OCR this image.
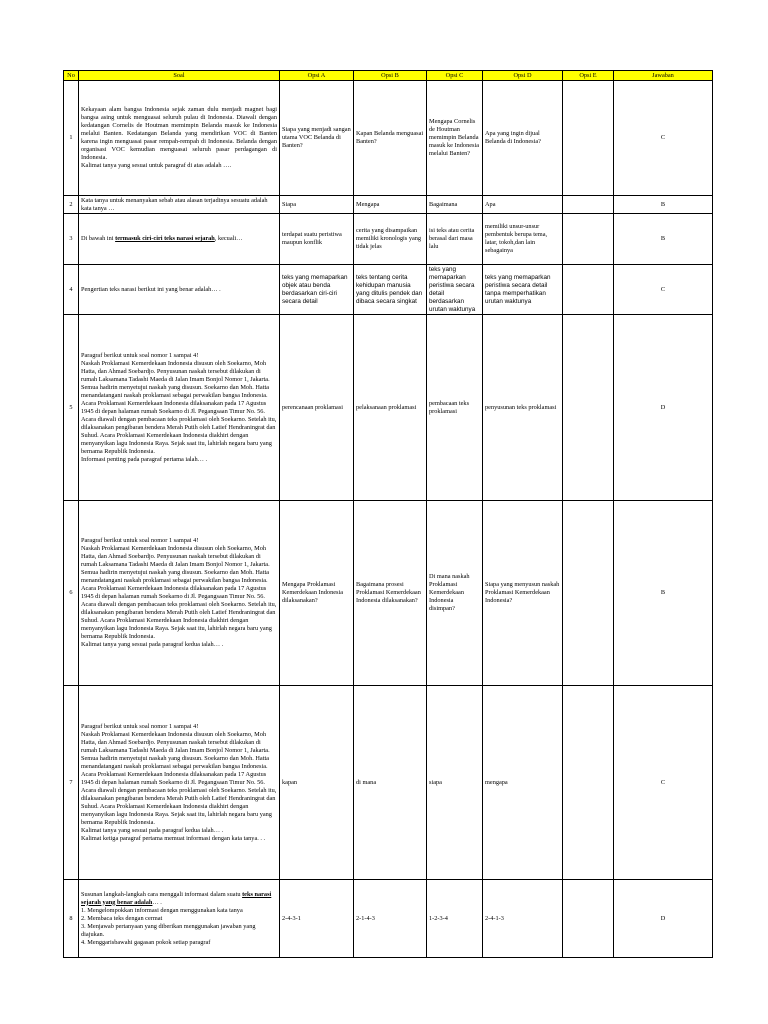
No	Soal	Opsi A	Opsi B	Opsi C	Opsi D	Opsi E	Jawaban
1	Kekayaan alam bangsa Indonesia sejak zaman dulu menjadi magnet bagi bangsa asing untuk menguasai seluruh pulau di Indonesia. Diawali dengan kedatangan Cornelis de Houtman memimpin Belanda masuk ke Indonesia melalui Banten. Kedatangan Belanda yang mendirikan VOC di Banten karena ingin menguasai pasar rempah-rempah di Indonesia. Belanda dengan organisasi VOC kemudian menguasai seluruh pasar perdagangan di Indonesia.
Kalimat tanya yang sesuai untuk paragraf di atas adalah ….	Siapa yang menjadi sangan utama VOC Belanda di Banten?	Kapan Belanda menguasai Banten?	Mengapa Cornelis de Houtman memimpin Belanda masuk ke Indonesia melalui Banten?	Apa yang ingin dijual Belanda di Indonesia?		C
2	Kata tanya untuk menanyakan sebab atau alasan terjadinya sesuatu adalah kata tanya …	Siapa	Mengapa	Bagaimana	Apa		B
3	Di bawah ini termasuk ciri-ciri teks narasi sejarah, kecuali…	terdapat suatu peristiwa maupun konflik	cerita yang disampaikan memiliki kronologis yang tidak jelas	isi teks atau cerita berasal dari masa lalu	memiliki unsur-unsur pembentuk berupa tema, latar, tokoh,dan lain sebagainya		B
4	Pengertian teks narasi berikut ini yang benar adalah… .	teks yang memaparkan objek atau benda berdasarkan ciri-ciri secara detail	teks tentang cerita kehidupan manusia yang ditulis pendek dan dibaca secara singkat	teks yang memaparkan peristiwa secara detail berdasarkan urutan waktunya	teks yang memaparkan peristiwa secara detail tanpa memperhatikan urutan waktunya		C
5	Paragraf berikut untuk soal nomor 1 sampai 4!
Naskah Proklamasi Kemerdekaan Indonesia disusun oleh Soekarno, Moh Hatta, dan Ahmad Soebardjo. Penyusunan naskah tersebut dilakukan di rumah Laksamana Tadashi Maeda di Jalan Imam Bonjol Nomor 1, Jakarta. Semua hadirin menyetujui naskah yang disusun. Soekarno dan Moh. Hatta menandatangani naskah proklamasi sebagai perwakilan bangsa Indonesia.
Acara Proklamasi Kemerdekaan Indonesia dilaksanakan pada 17 Agustus 1945 di depan halaman rumah Soekarno di Jl. Pegangsaan Timur No. 56. Acara diawali dengan pembacaan teks proklamasi oleh Soekarno. Setelah itu, dilaksanakan pengibaran bendera Merah Putih oleh Latief Hendraningrat dan Suhud. Acara Proklamasi Kemerdekaan Indonesia diakhiri dengan menyanyikan lagu Indonesia Raya. Sejak saat itu, lahirlah negara baru yang bernama Republik Indonesia.
Informasi penting pada paragraf pertama ialah… .	perencanaan proklamasi	pelaksanaan proklamasi	pembacaan teks proklamasi	penyusunan teks proklamasi		D
6	Paragraf berikut untuk soal nomor 1 sampai 4!
Naskah Proklamasi Kemerdekaan Indonesia disusun oleh Soekarno, Moh Hatta, dan Ahmad Soebardjo. Penyusunan naskah tersebut dilakukan di rumah Laksamana Tadashi Maeda di Jalan Imam Bonjol Nomor 1, Jakarta. Semua hadirin menyetujui naskah yang disusun. Soekarno dan Moh. Hatta menandatangani naskah proklamasi sebagai perwakilan bangsa Indonesia.
Acara Proklamasi Kemerdekaan Indonesia dilaksanakan pada 17 Agustus 1945 di depan halaman rumah Soekarno di Jl. Pegangsaan Timur No. 56. Acara diawali dengan pembacaan teks proklamasi oleh Soekarno. Setelah itu, dilaksanakan pengibaran bendera Merah Putih oleh Latief Hendraningrat dan Suhud. Acara Proklamasi Kemerdekaan Indonesia diakhiri dengan menyanyikan lagu Indonesia Raya. Sejak saat itu, lahirlah negara baru yang bernama Republik Indonesia.
Kalimat tanya yang sesuai pada paragraf kedua ialah… .	Mengapa Proklamasi Kemerdekaan Indonesia dilaksanakan?	Bagaimana prosesi Proklamasi Kemerdekaan Indonesia dilaksanakan?	Di mana naskah Proklamasi Kemerdekaan Indonesia disimpan?	Siapa yang menyusun naskah Proklamasi Kemerdekaan Indonesia?		B
7	Paragraf berikut untuk soal nomor 1 sampai 4!
Naskah Proklamasi Kemerdekaan Indonesia disusun oleh Soekarno, Moh Hatta, dan Ahmad Soebardjo. Penyusunan naskah tersebut dilakukan di rumah Laksamana Tadashi Maeda di Jalan Imam Bonjol Nomor 1, Jakarta. Semua hadirin menyetujui naskah yang disusun. Soekarno dan Moh. Hatta menandatangani naskah proklamasi sebagai perwakilan bangsa Indonesia.
Acara Proklamasi Kemerdekaan Indonesia dilaksanakan pada 17 Agustus 1945 di depan halaman rumah Soekarno di Jl. Pegangsaan Timur No. 56. Acara diawali dengan pembacaan teks proklamasi oleh Soekarno. Setelah itu, dilaksanakan pengibaran bendera Merah Putih oleh Latief Hendraningrat dan Suhud. Acara Proklamasi Kemerdekaan Indonesia diakhiri dengan menyanyikan lagu Indonesia Raya. Sejak saat itu, lahirlah negara baru yang bernama Republik Indonesia.
Kalimat tanya yang sesuai pada paragraf kedua ialah… .
Kalimat ketiga paragraf pertama memuat informasi dengan kata tanya. . .	kapan	di mana	siapa	mengapa		C
8	Susunan langkah-langkah cara menggali informasi dalam suatu teks narasi sejarah yang benar adalah… .
1. Mengelompokkan informasi dengan menggunakan kata tanya
2. Membaca teks dengan cermat
3. Menjawab pertanyaan yang diberikan menggunakan jawaban yang diajukan.
4. Menggarisbawahi gagasan pokok setiap paragraf	2-4-3-1	2-1-4-3	1-2-3-4	2-4-1-3		D
